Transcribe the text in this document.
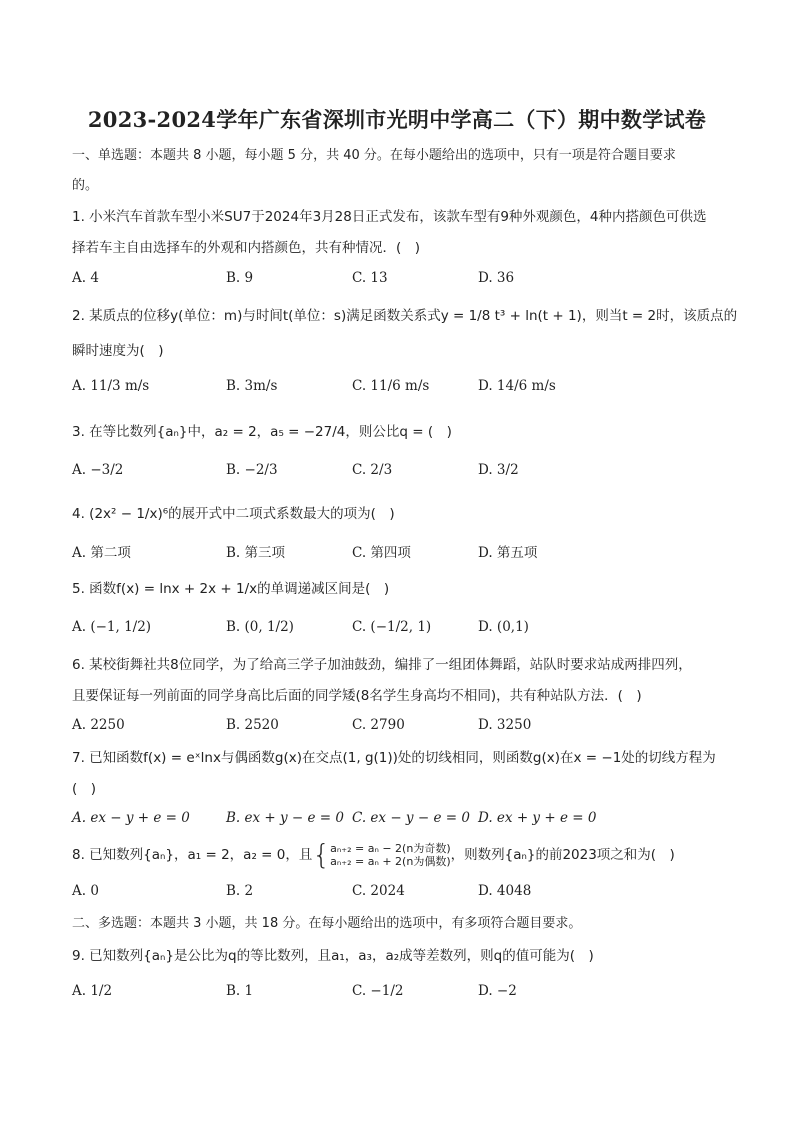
2023-2024学年广东省深圳市光明中学高二（下）期中数学试卷
一、单选题：本题共 8 小题，每小题 5 分，共 40 分。在每小题给出的选项中，只有一项是符合题目要求
的。
1. 小米汽车首款车型小米SU7于2024年3月28日正式发布，该款车型有9种外观颜色，4种内搭颜色可供选
择若车主自由选择车的外观和内搭颜色，共有种情况．(　)
A. 4	B. 9	C. 13	D. 36
2. 某质点的位移y(单位：m)与时间t(单位：s)满足函数关系式y = 1/8 t³ + ln(t + 1)，则当t = 2时，该质点的
瞬时速度为(　)
A. 11/3 m/s	B. 3m/s	C. 11/6 m/s	D. 14/6 m/s
3. 在等比数列{aₙ}中，a₂ = 2，a₅ = −27/4，则公比q = (　)
A. −3/2	B. −2/3	C. 2/3	D. 3/2
4. (2x² − 1/x)⁶的展开式中二项式系数最大的项为(　)
A. 第二项	B. 第三项	C. 第四项	D. 第五项
5. 函数f(x) = lnx + 2x + 1/x的单调递减区间是(　)
A. (−1, 1/2)	B. (0, 1/2)	C. (−1/2, 1)	D. (0,1)
6. 某校街舞社共8位同学，为了给高三学子加油鼓劲，编排了一组团体舞蹈，站队时要求站成两排四列，
且要保证每一列前面的同学身高比后面的同学矮(8名学生身高均不相同)，共有种站队方法．(　)
A. 2250	B. 2520	C. 2790	D. 3250
7. 已知函数f(x) = eˣlnx与偶函数g(x)在交点(1, g(1))处的切线相同，则函数g(x)在x = −1处的切线方程为
(　)
A. ex − y + e = 0	B. ex + y − e = 0 C. ex − y − e = 0 D. ex + y + e = 0
8. 已知数列{aₙ}，a₁ = 2，a₂ = 0，且{ aₙ₊₂ = aₙ − 2(n为奇数)
aₙ₊₂ = aₙ + 2(n为偶数) ，则数列{aₙ}的前2023项之和为(　)
A. 0	B. 2	C. 2024	D. 4048
二、多选题：本题共 3 小题，共 18 分。在每小题给出的选项中，有多项符合题目要求。
9. 已知数列{aₙ}是公比为q的等比数列，且a₁，a₃，a₂成等差数列，则q的值可能为(　)
A. 1/2	B. 1	C. −1/2	D. −2
